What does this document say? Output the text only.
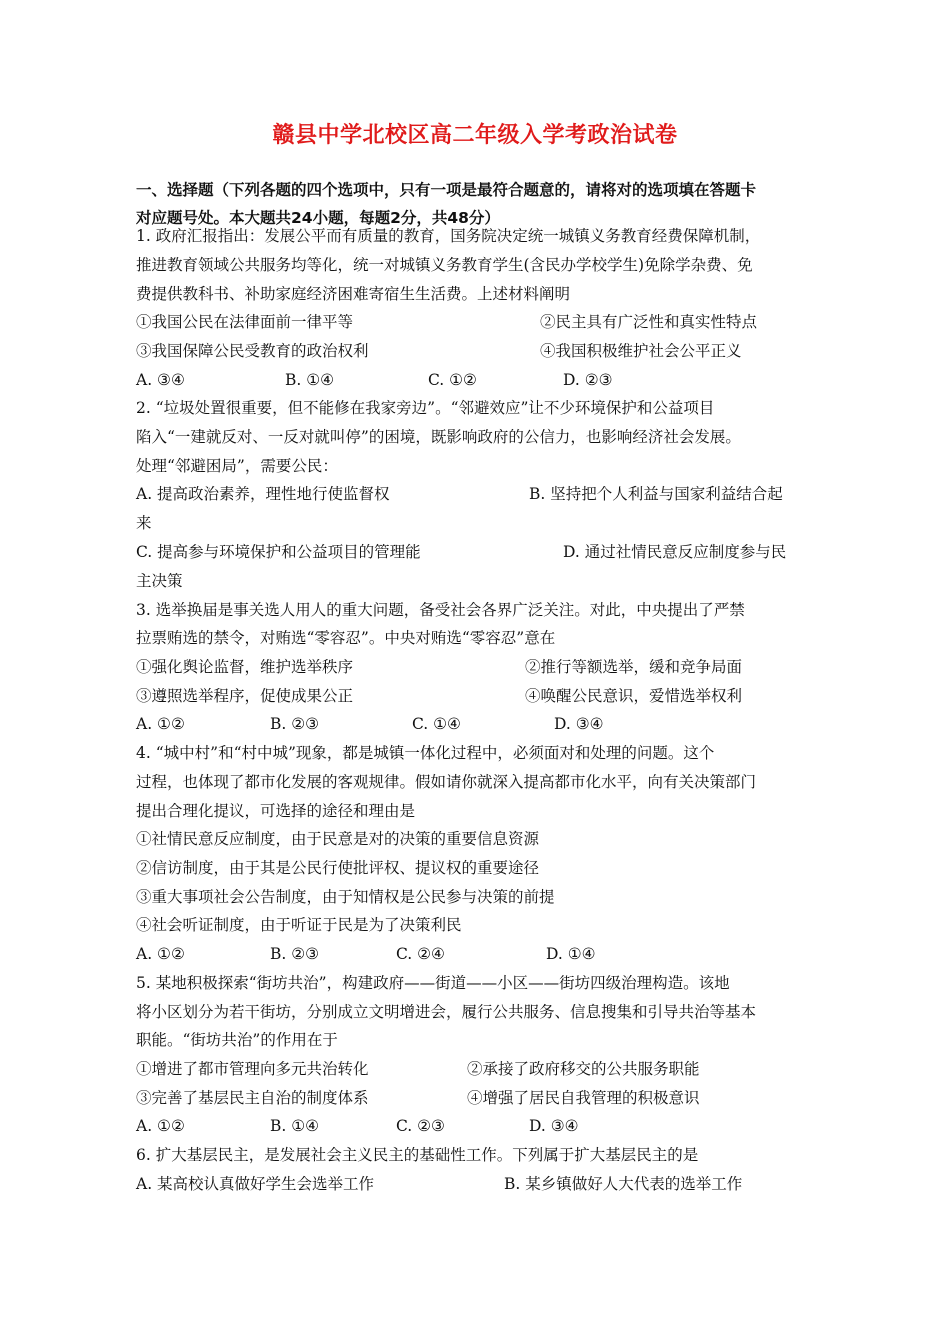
赣县中学北校区高二年级入学考政治试卷
一、选择题（下列各题的四个选项中，只有一项是最符合题意的，请将对的选项填在答题卡
对应题号处。本大题共24小题，每题2分，共48分）
1. 政府汇报指出：发展公平而有质量的教育，国务院决定统一城镇义务教育经费保障机制，
推进教育领域公共服务均等化，统一对城镇义务教育学生(含民办学校学生)免除学杂费、免
费提供教科书、补助家庭经济困难寄宿生生活费。上述材料阐明
①我国公民在法律面前一律平等	②民主具有广泛性和真实性特点
③我国保障公民受教育的政治权利	④我国积极维护社会公平正义
A. ③④	B. ①④	C. ①②	D. ②③
2. “垃圾处置很重要，但不能修在我家旁边”。“邻避效应”让不少环境保护和公益项目
陷入“一建就反对、一反对就叫停”的困境，既影响政府的公信力，也影响经济社会发展。
处理“邻避困局”，需要公民：
A. 提高政治素养，理性地行使监督权	B. 坚持把个人利益与国家利益结合起
来
C. 提高参与环境保护和公益项目的管理能	D. 通过社情民意反应制度参与民
主决策
3. 选举换届是事关选人用人的重大问题，备受社会各界广泛关注。对此，中央提出了严禁
拉票贿选的禁令，对贿选“零容忍”。中央对贿选“零容忍”意在
①强化舆论监督，维护选举秩序	②推行等额选举，缓和竞争局面
③遵照选举程序，促使成果公正	④唤醒公民意识，爱惜选举权利
A. ①②	B. ②③	C. ①④	D. ③④
4. “城中村”和“村中城”现象，都是城镇一体化过程中，必须面对和处理的问题。这个
过程，也体现了都市化发展的客观规律。假如请你就深入提高都市化水平，向有关决策部门
提出合理化提议，可选择的途径和理由是
①社情民意反应制度，由于民意是对的决策的重要信息资源
②信访制度，由于其是公民行使批评权、提议权的重要途径
③重大事项社会公告制度，由于知情权是公民参与决策的前提
④社会听证制度，由于听证于民是为了决策利民
A. ①②	B. ②③	C. ②④	D. ①④
5. 某地积极探索“街坊共治”，构建政府——街道——小区——街坊四级治理构造。该地
将小区划分为若干街坊，分别成立文明增进会，履行公共服务、信息搜集和引导共治等基本
职能。“街坊共治”的作用在于
①增进了都市管理向多元共治转化	②承接了政府移交的公共服务职能
③完善了基层民主自治的制度体系	④增强了居民自我管理的积极意识
A. ①②	B. ①④	C. ②③	D. ③④
6. 扩大基层民主，是发展社会主义民主的基础性工作。下列属于扩大基层民主的是
A. 某高校认真做好学生会选举工作	B. 某乡镇做好人大代表的选举工作
